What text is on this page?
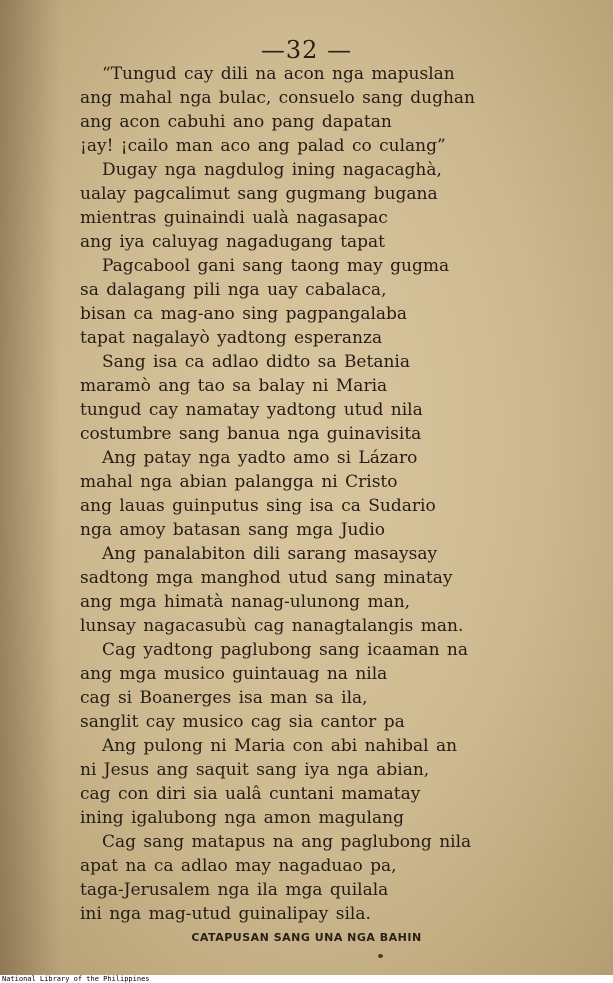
—32 —
“Tungud cay dili na acon nga mapuslan
ang mahal nga bulac, consuelo sang dughan
ang acon cabuhi ano pang dapatan
¡ay! ¡cailo man aco ang palad co culang”
Dugay nga nagdulog ining nagacaghà,
ualay pagcalimut sang gugmang bugana
mientras guinaindi ualà nagasapac
ang iya caluyag nagadugang tapat
Pagcabool gani sang taong may gugma
sa dalagang pili nga uay cabalaca,
bisan ca mag-ano sing pagpangalaba
tapat nagalayò yadtong esperanza
Sang isa ca adlao didto sa Betania
maramò ang tao sa balay ni Maria
tungud cay namatay yadtong utud nila
costumbre sang banua nga guinavisita
Ang patay nga yadto amo si Lázaro
mahal nga abian palangga ni Cristo
ang lauas guinputus sing isa ca Sudario
nga amoy batasan sang mga Judio
Ang panalabiton dili sarang masaysay
sadtong mga manghod utud sang minatay
ang mga himatà nanag-ulunong man,
lunsay nagacasubù cag nanagtalangis man.
Cag yadtong paglubong sang icaaman na
ang mga musico guintauag na nila
cag si Boanerges isa man sa ila,
sanglit cay musico cag sia cantor pa
Ang pulong ni Maria con abi nahibal an
ni Jesus ang saquit sang iya nga abian,
cag con diri sia ualâ cuntani mamatay
ining igalubong nga amon magulang
Cag sang matapus na ang paglubong nila
apat na ca adlao may nagaduao pa,
taga-Jerusalem nga ila mga quilala
ini nga mag-utud guinalipay sila.
CATAPUSAN SANG UNA NGA BAHIN
National Library of the Philippines
